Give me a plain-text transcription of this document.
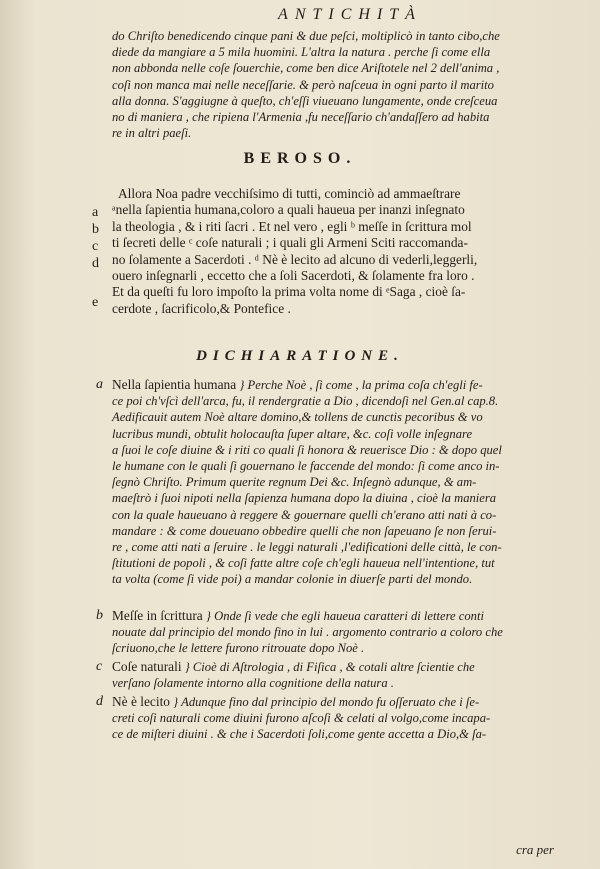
ANTICHITÀ

do Chriſto benedicendo cinque pani & due peſci, moltiplicò in tanto cibo,che

diede da mangiare a 5 mila huomini. L'altra la natura . perche ſi come ella

non abbonda nelle coſe ſouerchie, come ben dice Ariſtotele nel 2 dell'anima ,

coſi non manca mai nelle neceſſarie. & però naſceua in ogni parto il marito

alla donna. S'aggiugne à queſto, ch'eſſi viueuano lungamente, onde creſceua

no di maniera , che ripiena l'Armenia ,fu neceſſario ch'andaſſero ad habita

re in altri paeſi.

BEROSO.
a
b
c
d
e

Allora Noa padre vecchiſsimo di tutti, cominciò ad ammaeſtrare

ᵃnella ſapientia humana,coloro a quali haueua per inanzi inſegnato

la theologia , & i riti ſacri . Et nel vero , egli ᵇ meſſe in ſcrittura mol

ti ſecreti delle ᶜ coſe naturali ; i quali gli Armeni Sciti raccomanda-

no ſolamente a Sacerdoti . ᵈ Nè è lecito ad alcuno di vederli,leggerli,

ouero inſegnarli , eccetto che a ſoli Sacerdoti, & ſolamente fra loro .

Et da queſti fu loro impoſto la prima volta nome di ᵉSaga , cioè ſa-

cerdote , ſacrificolo,& Pontefice .

DICHIARATIONE.
a Nella ſapientia humana } Perche Noè , ſi come , la prima coſa ch'egli fe-

ce poi ch'vſcì dell'arca, fu, il rendergratie a Dio , dicendoſi nel Gen.al cap.8.

Aedificauit autem Noè altare domino,& tollens de cunctis pecoribus & vo

lucribus mundi, obtulit holocauſta ſuper altare, &c. coſi volle inſegnare

a ſuoi le coſe diuine & i riti co quali ſi honora & reuerisce Dio : & dopo quel

le humane con le quali ſi gouernano le faccende del mondo: ſi come anco in-

ſegnò Chriſto. Primum querite regnum Dei &c. Inſegnò adunque, & am-

maeſtrò i ſuoi nipoti nella ſapienza humana dopo la diuina , cioè la maniera

con la quale haueuano à reggere & gouernare quelli ch'erano atti nati à co-

mandare : & come doueuano obbedire quelli che non ſapeuano ſe non ſerui-

re , come atti nati a ſeruire . le leggi naturali ,l'edificationi delle città, le con-

ſtitutioni de popoli , & coſi fatte altre coſe ch'egli haueua nell'intentione, tut

ta volta (come ſi vide poi) a mandar colonie in diuerſe parti del mondo.

b Meſſe in ſcrittura } Onde ſi vede che egli haueua caratteri di lettere conti

nouate dal principio del mondo fino in lui . argomento contrario a coloro che

ſcriuono,che le lettere furono ritrouate dopo Noè .

c Coſe naturali } Cioè di Aſtrologia , di Fiſica , & cotali altre ſcientie che

verſano ſolamente intorno alla cognitione della natura .

d Nè è lecito } Adunque fino dal principio del mondo fu oſſeruato che i ſe-

creti coſi naturali come diuini furono aſcoſi & celati al volgo,come incapa-

ce de miſteri diuini . & che i Sacerdoti ſoli,come gente accetta a Dio,& ſa-

cra per
